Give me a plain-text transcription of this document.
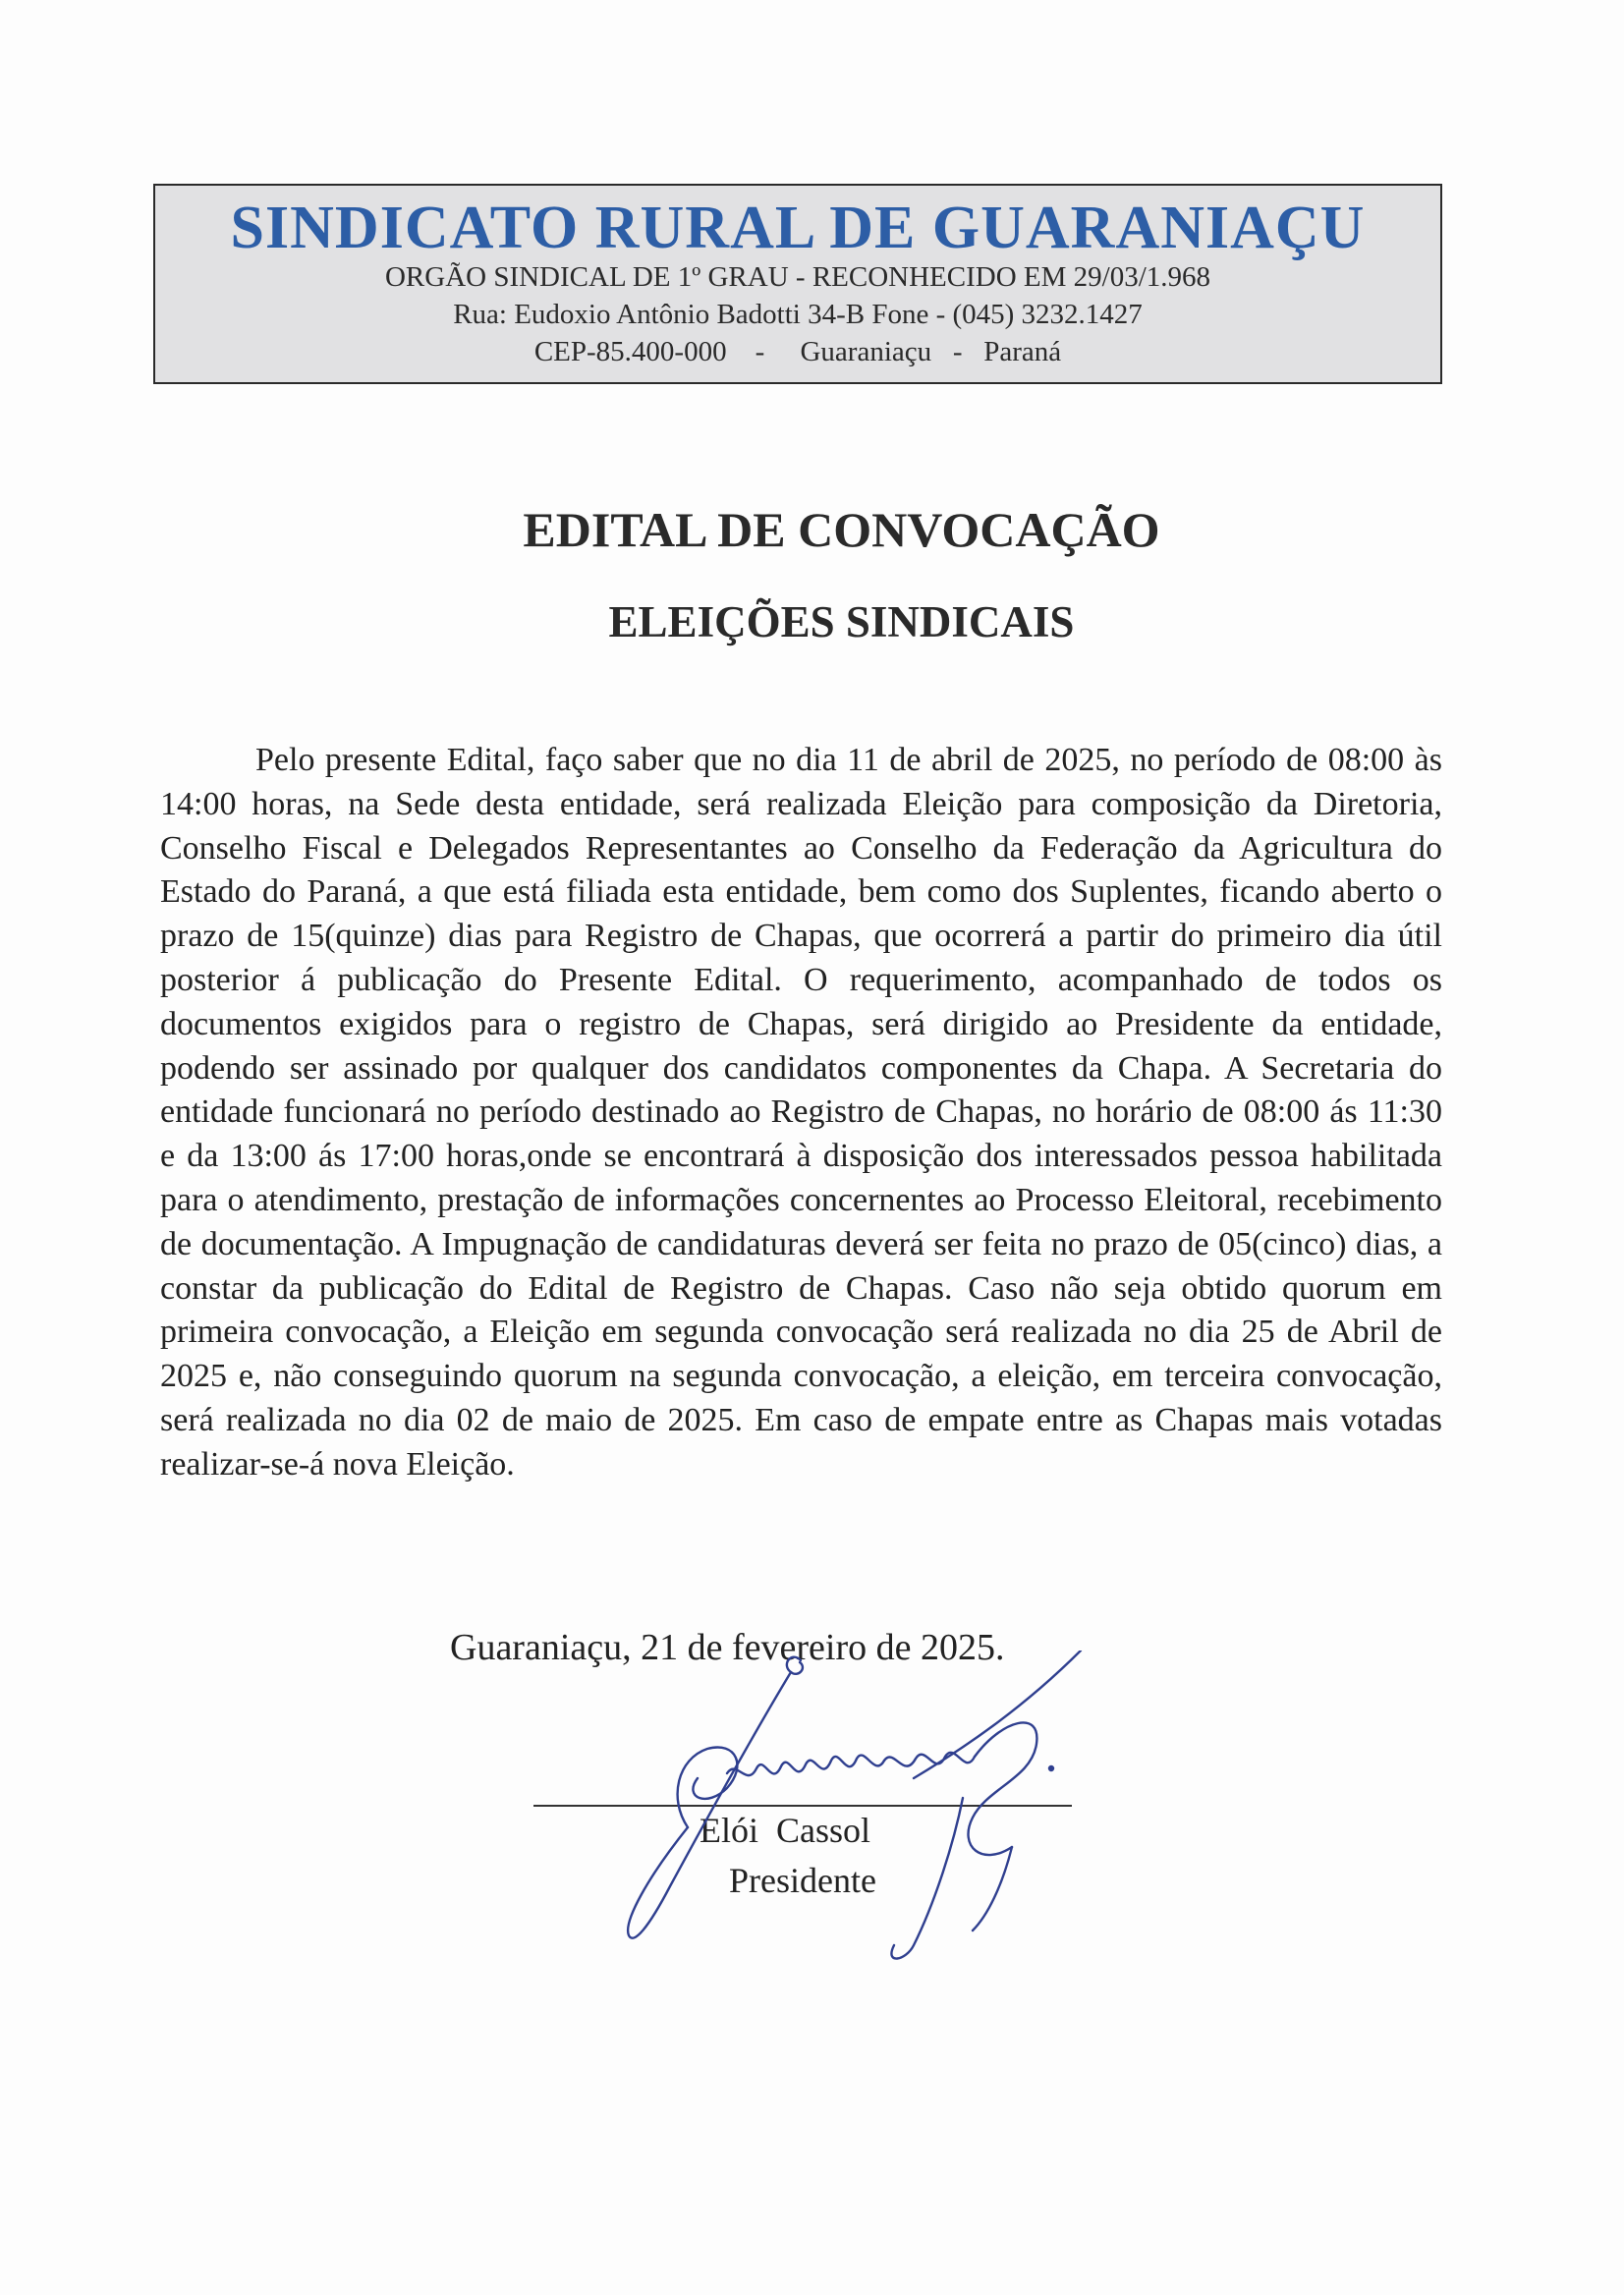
SINDICATO RURAL DE GUARANIAÇU
ORGÃO SINDICAL DE 1º GRAU - RECONHECIDO EM 29/03/1.968
Rua: Eudoxio Antônio Badotti 34-B Fone - (045) 3232.1427
CEP-85.400-000    -     Guaraniaçu   -   Paraná
EDITAL DE CONVOCAÇÃO
ELEIÇÕES SINDICAIS
Pelo presente Edital, faço saber que no dia 11 de abril de 2025, no período de 08:00 às 14:00 horas, na Sede desta entidade, será realizada Eleição para composição da Diretoria, Conselho Fiscal e Delegados Representantes ao Conselho da Federação da Agricultura do Estado do Paraná, a que está filiada esta entidade, bem como dos Suplentes, ficando aberto o prazo de 15(quinze) dias para Registro de Chapas, que ocorrerá a partir do primeiro dia útil posterior á publicação do Presente Edital. O requerimento, acompanhado de todos os documentos exigidos para o registro de Chapas, será dirigido ao Presidente da entidade, podendo ser assinado por qualquer dos candidatos componentes da Chapa. A Secretaria do entidade funcionará no período destinado ao Registro de Chapas, no horário de 08:00 ás 11:30 e da 13:00 ás 17:00 horas,onde se encontrará à disposição dos interessados pessoa habilitada para o atendimento, prestação de informações concernentes ao Processo Eleitoral, recebimento de documentação. A Impugnação de candidaturas deverá ser feita no prazo de 05(cinco) dias, a constar da publicação do Edital de Registro de Chapas. Caso não seja obtido quorum em primeira convocação, a Eleição em segunda convocação será realizada no dia 25 de Abril de 2025 e, não conseguindo quorum na segunda convocação, a eleição, em terceira convocação, será realizada no dia 02 de maio de 2025. Em caso de empate entre as Chapas mais votadas realizar-se-á nova Eleição.
Guaraniaçu, 21 de fevereiro de 2025.
Elói  Cassol
Presidente
